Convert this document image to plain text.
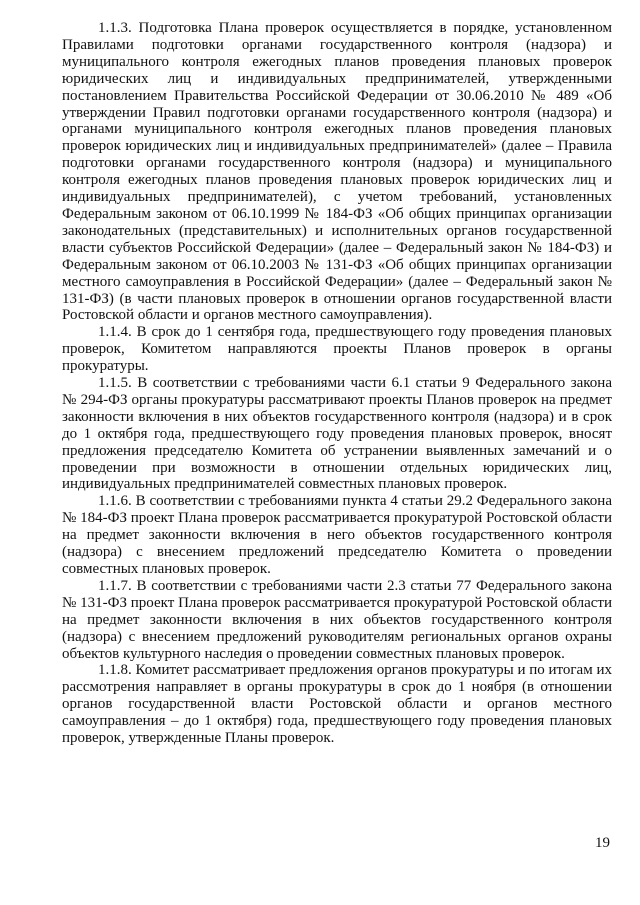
1.1.3. Подготовка Плана проверок осуществляется в порядке, установленном Правилами подготовки органами государственного контроля (надзора) и муниципального контроля ежегодных планов проведения плановых проверок юридических лиц и индивидуальных предпринимателей, утвержденными постановлением Правительства Российской Федерации от 30.06.2010 № 489 «Об утверждении Правил подготовки органами государственного контроля (надзора) и органами муниципального контроля ежегодных планов проведения плановых проверок юридических лиц и индивидуальных предпринимателей» (далее – Правила подготовки органами государственного контроля (надзора) и муниципального контроля ежегодных планов проведения плановых проверок юридических лиц и индивидуальных предпринимателей), с учетом требований, установленных Федеральным законом от 06.10.1999 № 184-ФЗ «Об общих принципах организации законодательных (представительных) и исполнительных органов государственной власти субъектов Российской Федерации» (далее – Федеральный закон № 184-ФЗ) и Федеральным законом от 06.10.2003 № 131-ФЗ «Об общих принципах организации местного самоуправления в Российской Федерации» (далее – Федеральный закон № 131-ФЗ) (в части плановых проверок в отношении органов государственной власти Ростовской области и органов местного самоуправления).

1.1.4. В срок до 1 сентября года, предшествующего году проведения плановых проверок, Комитетом направляются проекты Планов проверок в органы прокуратуры.

1.1.5. В соответствии с требованиями части 6.1 статьи 9 Федерального закона № 294-ФЗ органы прокуратуры рассматривают проекты Планов проверок на предмет законности включения в них объектов государственного контроля (надзора) и в срок до 1 октября года, предшествующего году проведения плановых проверок, вносят предложения председателю Комитета об устранении выявленных замечаний и о проведении при возможности в отношении отдельных юридических лиц, индивидуальных предпринимателей совместных плановых проверок.

1.1.6. В соответствии с требованиями пункта 4 статьи 29.2 Федерального закона № 184-ФЗ проект Плана проверок рассматривается прокуратурой Ростовской области на предмет законности включения в него объектов государственного контроля (надзора) с внесением предложений председателю Комитета о проведении совместных плановых проверок.

1.1.7. В соответствии с требованиями части 2.3 статьи 77 Федерального закона № 131-ФЗ проект Плана проверок рассматривается прокуратурой Ростовской области на предмет законности включения в них объектов государственного контроля (надзора) с внесением предложений руководителям региональных органов охраны объектов культурного наследия о проведении совместных плановых проверок.

1.1.8. Комитет рассматривает предложения органов прокуратуры и по итогам их рассмотрения направляет в органы прокуратуры в срок до 1 ноября (в отношении органов государственной власти Ростовской области и органов местного самоуправления – до 1 октября) года, предшествующего году проведения плановых проверок, утвержденные Планы проверок.

19
